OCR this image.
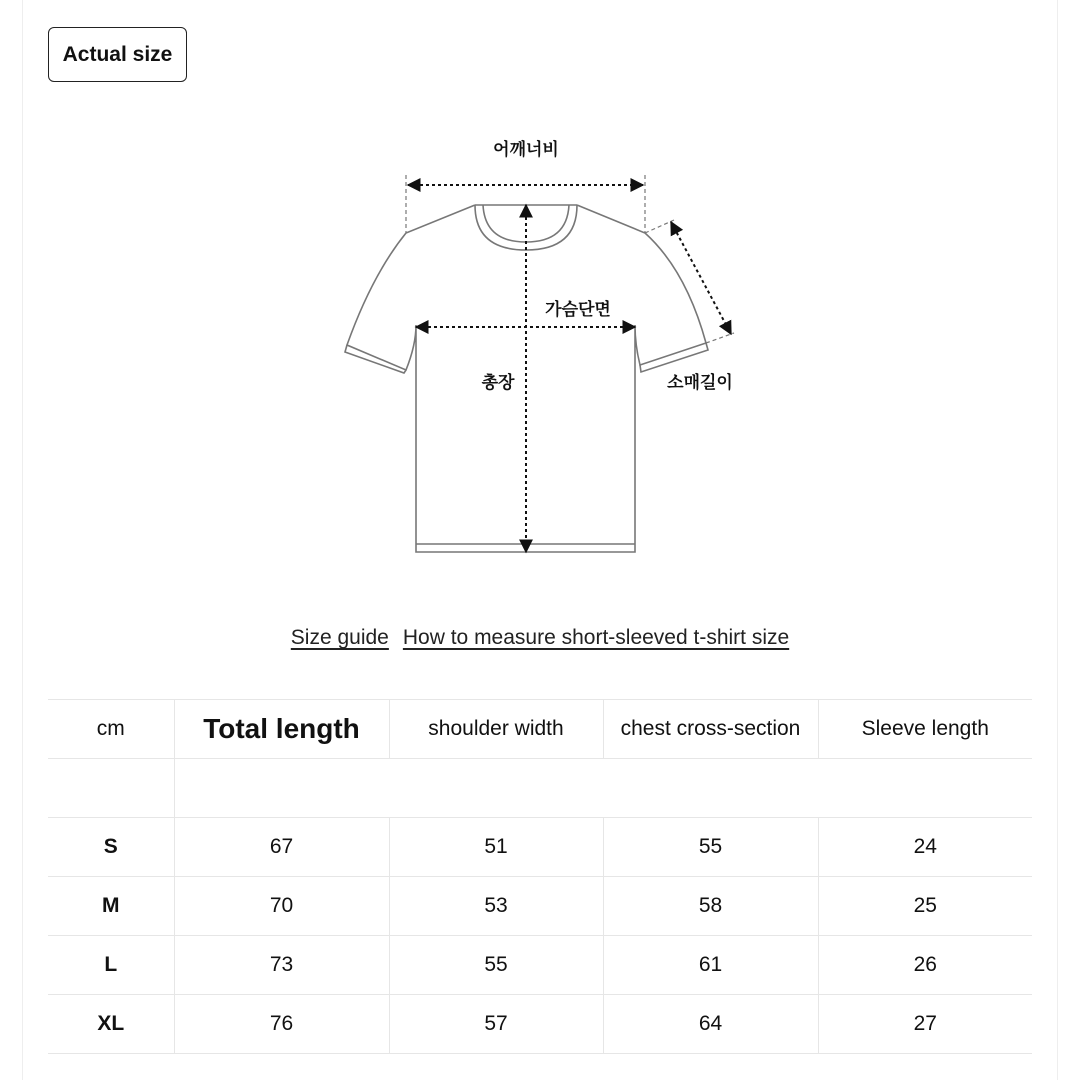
Actual size
어깨너비
가슴단면
총장	소매길이
Size guide How to measure short-sleeved t-shirt size
cm	Total length	shoulder width	chest cross-section	Sleeve length

S	67	51	55	24
M	70	53	58	25
L	73	55	61	26
XL	76	57	64	27
